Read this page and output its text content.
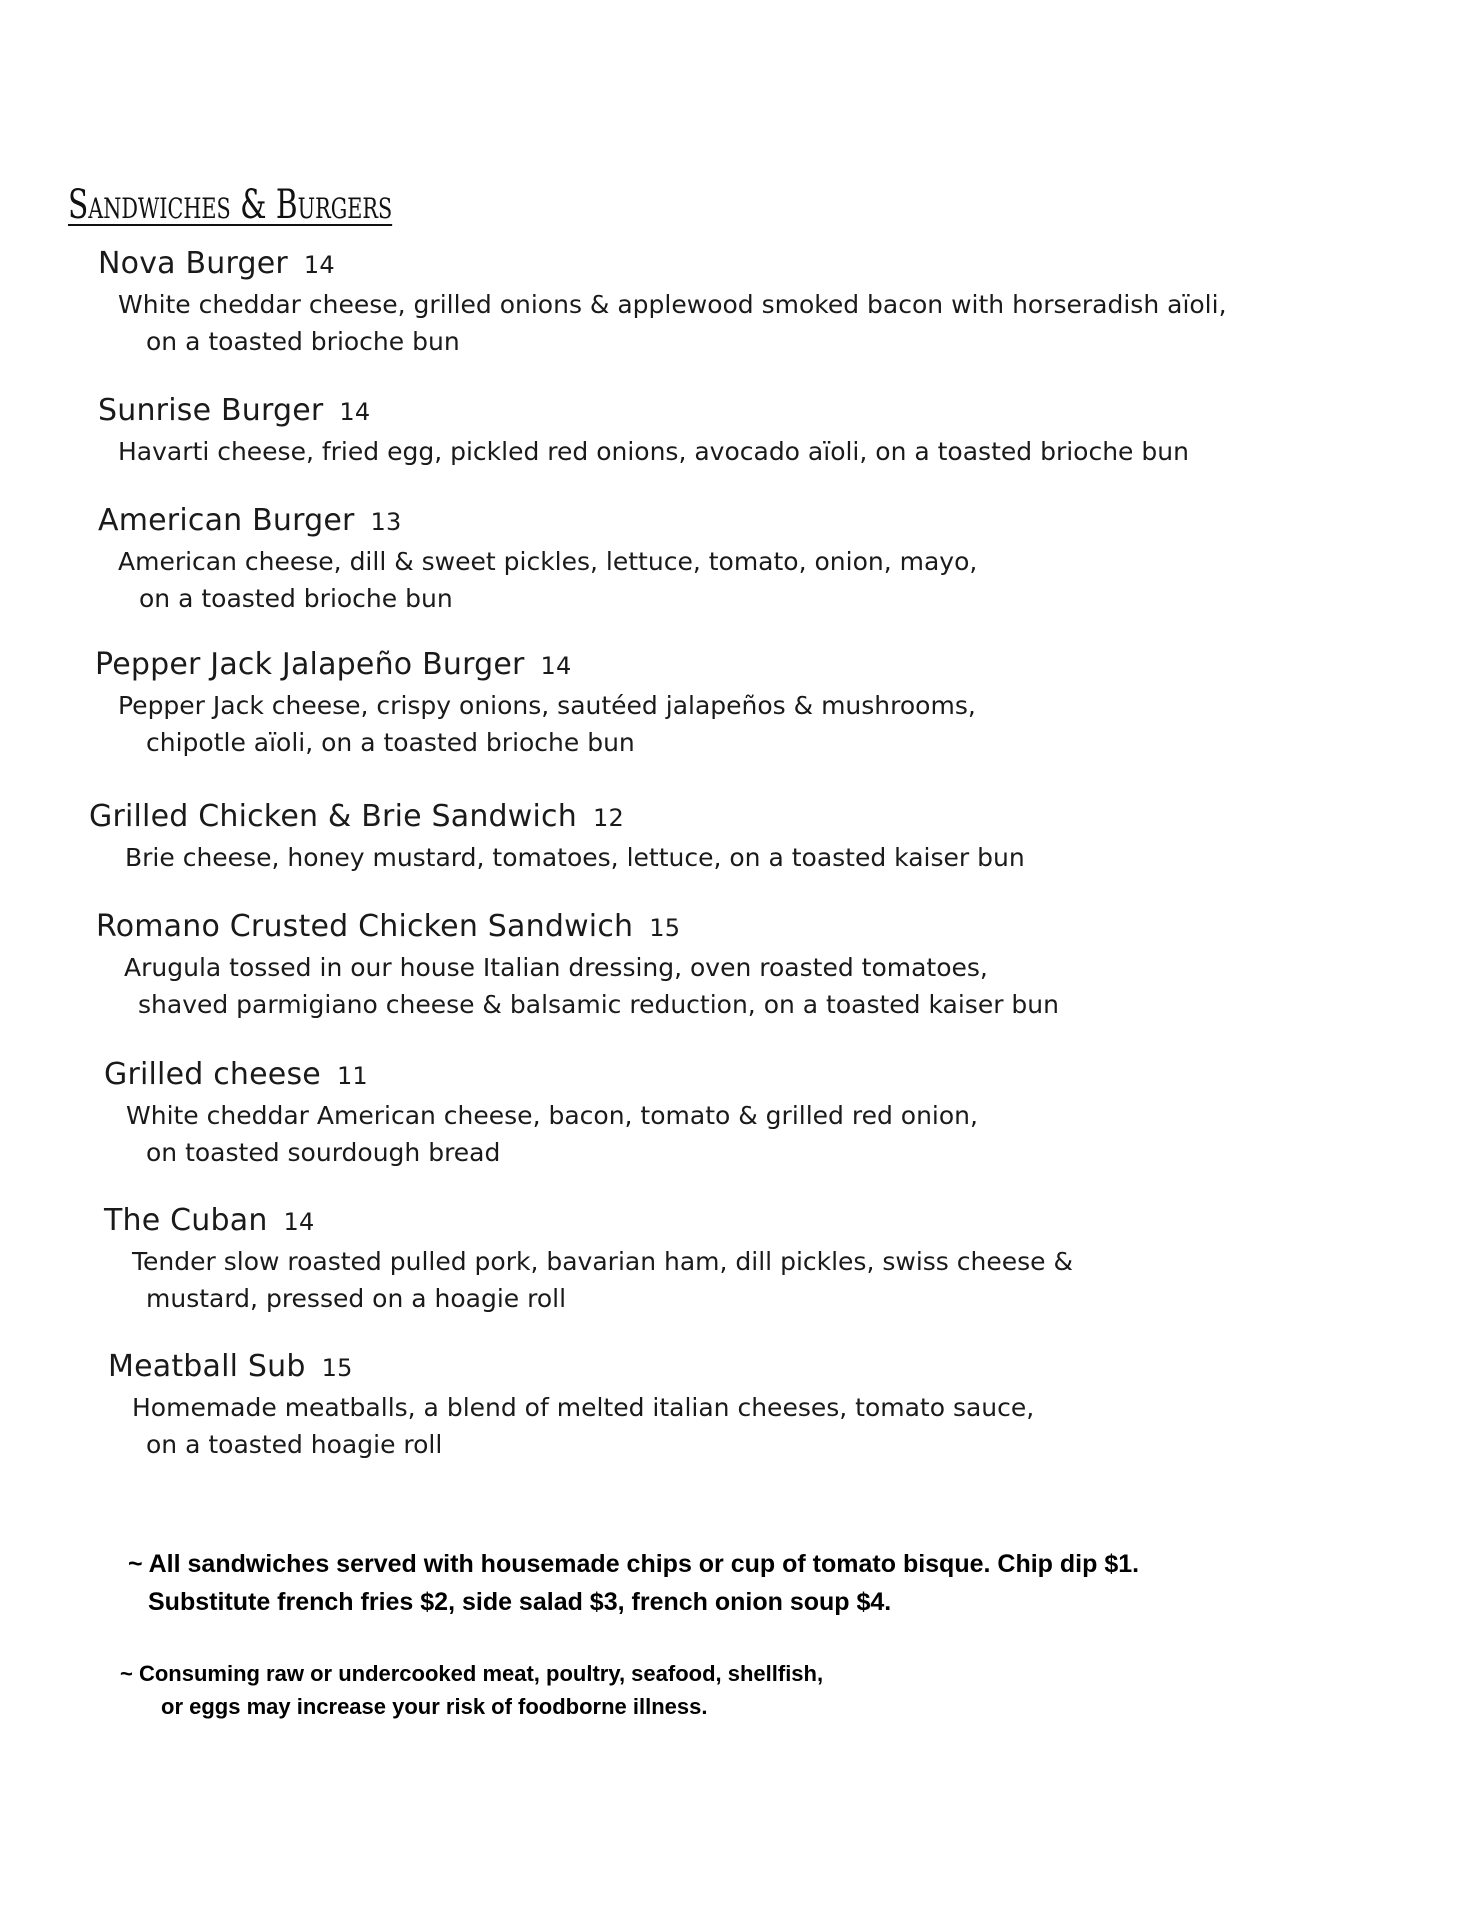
Sandwiches & Burgers
Nova Burger 14
White cheddar cheese, grilled onions & applewood smoked bacon with horseradish aïoli,
on a toasted brioche bun
Sunrise Burger 14
Havarti cheese, fried egg, pickled red onions, avocado aïoli, on a toasted brioche bun
American Burger 13
American cheese, dill & sweet pickles, lettuce, tomato, onion, mayo,
on a toasted brioche bun
Pepper Jack Jalapeño Burger 14
Pepper Jack cheese, crispy onions, sautéed jalapeños & mushrooms,
chipotle aïoli, on a toasted brioche bun
Grilled Chicken & Brie Sandwich 12
Brie cheese, honey mustard, tomatoes, lettuce, on a toasted kaiser bun
Romano Crusted Chicken Sandwich 15
Arugula tossed in our house Italian dressing, oven roasted tomatoes,
shaved parmigiano cheese & balsamic reduction, on a toasted kaiser bun
Grilled cheese 11
White cheddar American cheese, bacon, tomato & grilled red onion,
on toasted sourdough bread
The Cuban 14
Tender slow roasted pulled pork, bavarian ham, dill pickles, swiss cheese &
mustard, pressed on a hoagie roll
Meatball Sub 15
Homemade meatballs, a blend of melted italian cheeses, tomato sauce,
on a toasted hoagie roll
~ All sandwiches served with housemade chips or cup of tomato bisque. Chip dip $1.
Substitute french fries $2, side salad $3, french onion soup $4.
~ Consuming raw or undercooked meat, poultry, seafood, shellfish,
or eggs may increase your risk of foodborne illness.
